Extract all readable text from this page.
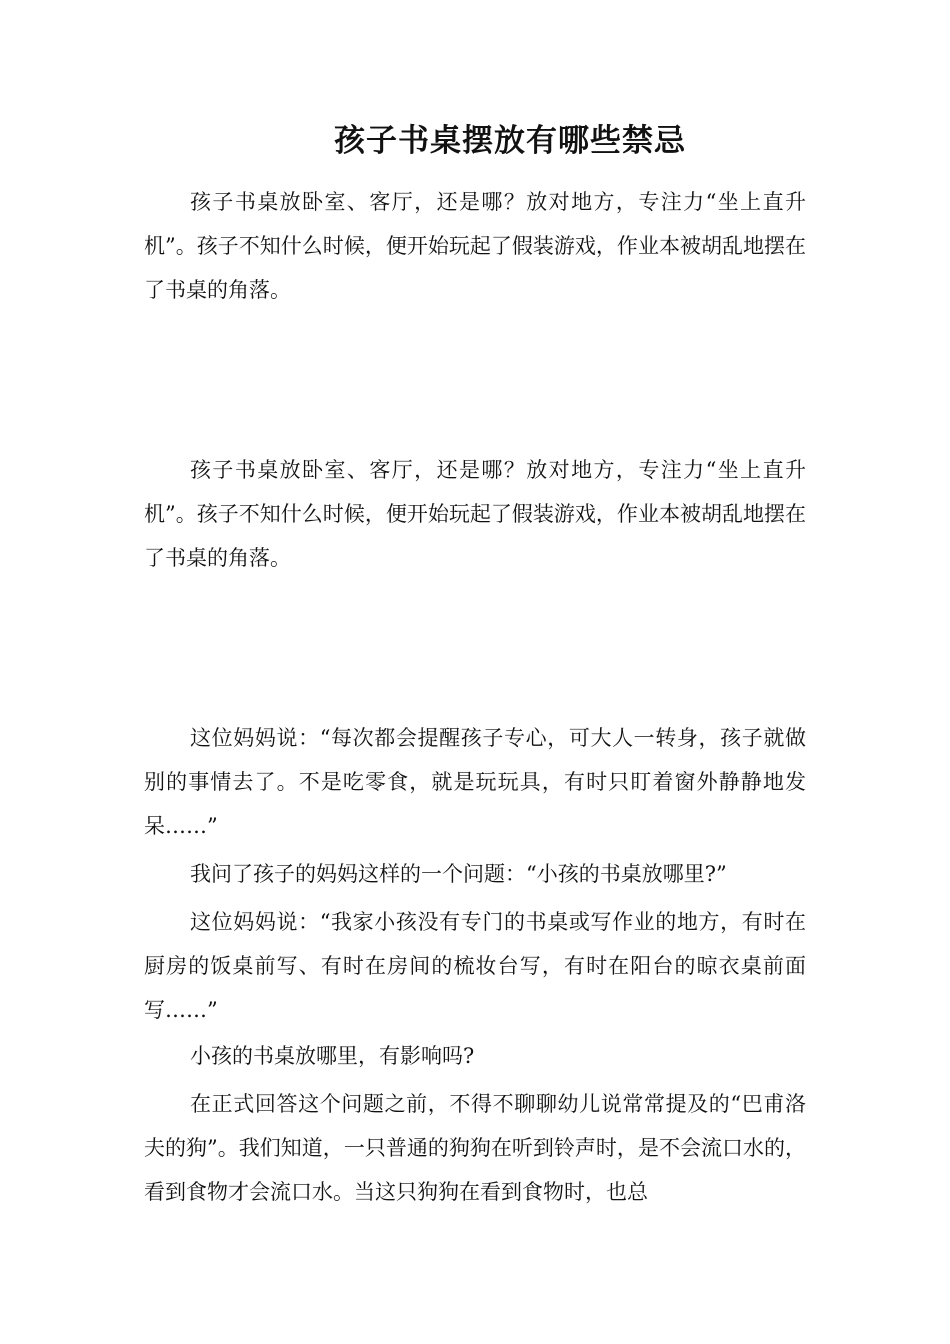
孩子书桌摆放有哪些禁忌

孩子书桌放卧室、客厅，还是哪？放对地方，专注力“坐上直升机”。孩子不知什么时候，便开始玩起了假装游戏，作业本被胡乱地摆在了书桌的角落。

孩子书桌放卧室、客厅，还是哪？放对地方，专注力“坐上直升机”。孩子不知什么时候，便开始玩起了假装游戏，作业本被胡乱地摆在了书桌的角落。

这位妈妈说：“每次都会提醒孩子专心，可大人一转身，孩子就做别的事情去了。不是吃零食，就是玩玩具，有时只盯着窗外静静地发呆……”

我问了孩子的妈妈这样的一个问题：“小孩的书桌放哪里?”

这位妈妈说：“我家小孩没有专门的书桌或写作业的地方，有时在厨房的饭桌前写、有时在房间的梳妆台写，有时在阳台的晾衣桌前面写……”

小孩的书桌放哪里，有影响吗?

在正式回答这个问题之前，不得不聊聊幼儿说常常提及的“巴甫洛夫的狗”。我们知道，一只普通的狗狗在听到铃声时，是不会流口水的，看到食物才会流口水。当这只狗狗在看到食物时，也总
